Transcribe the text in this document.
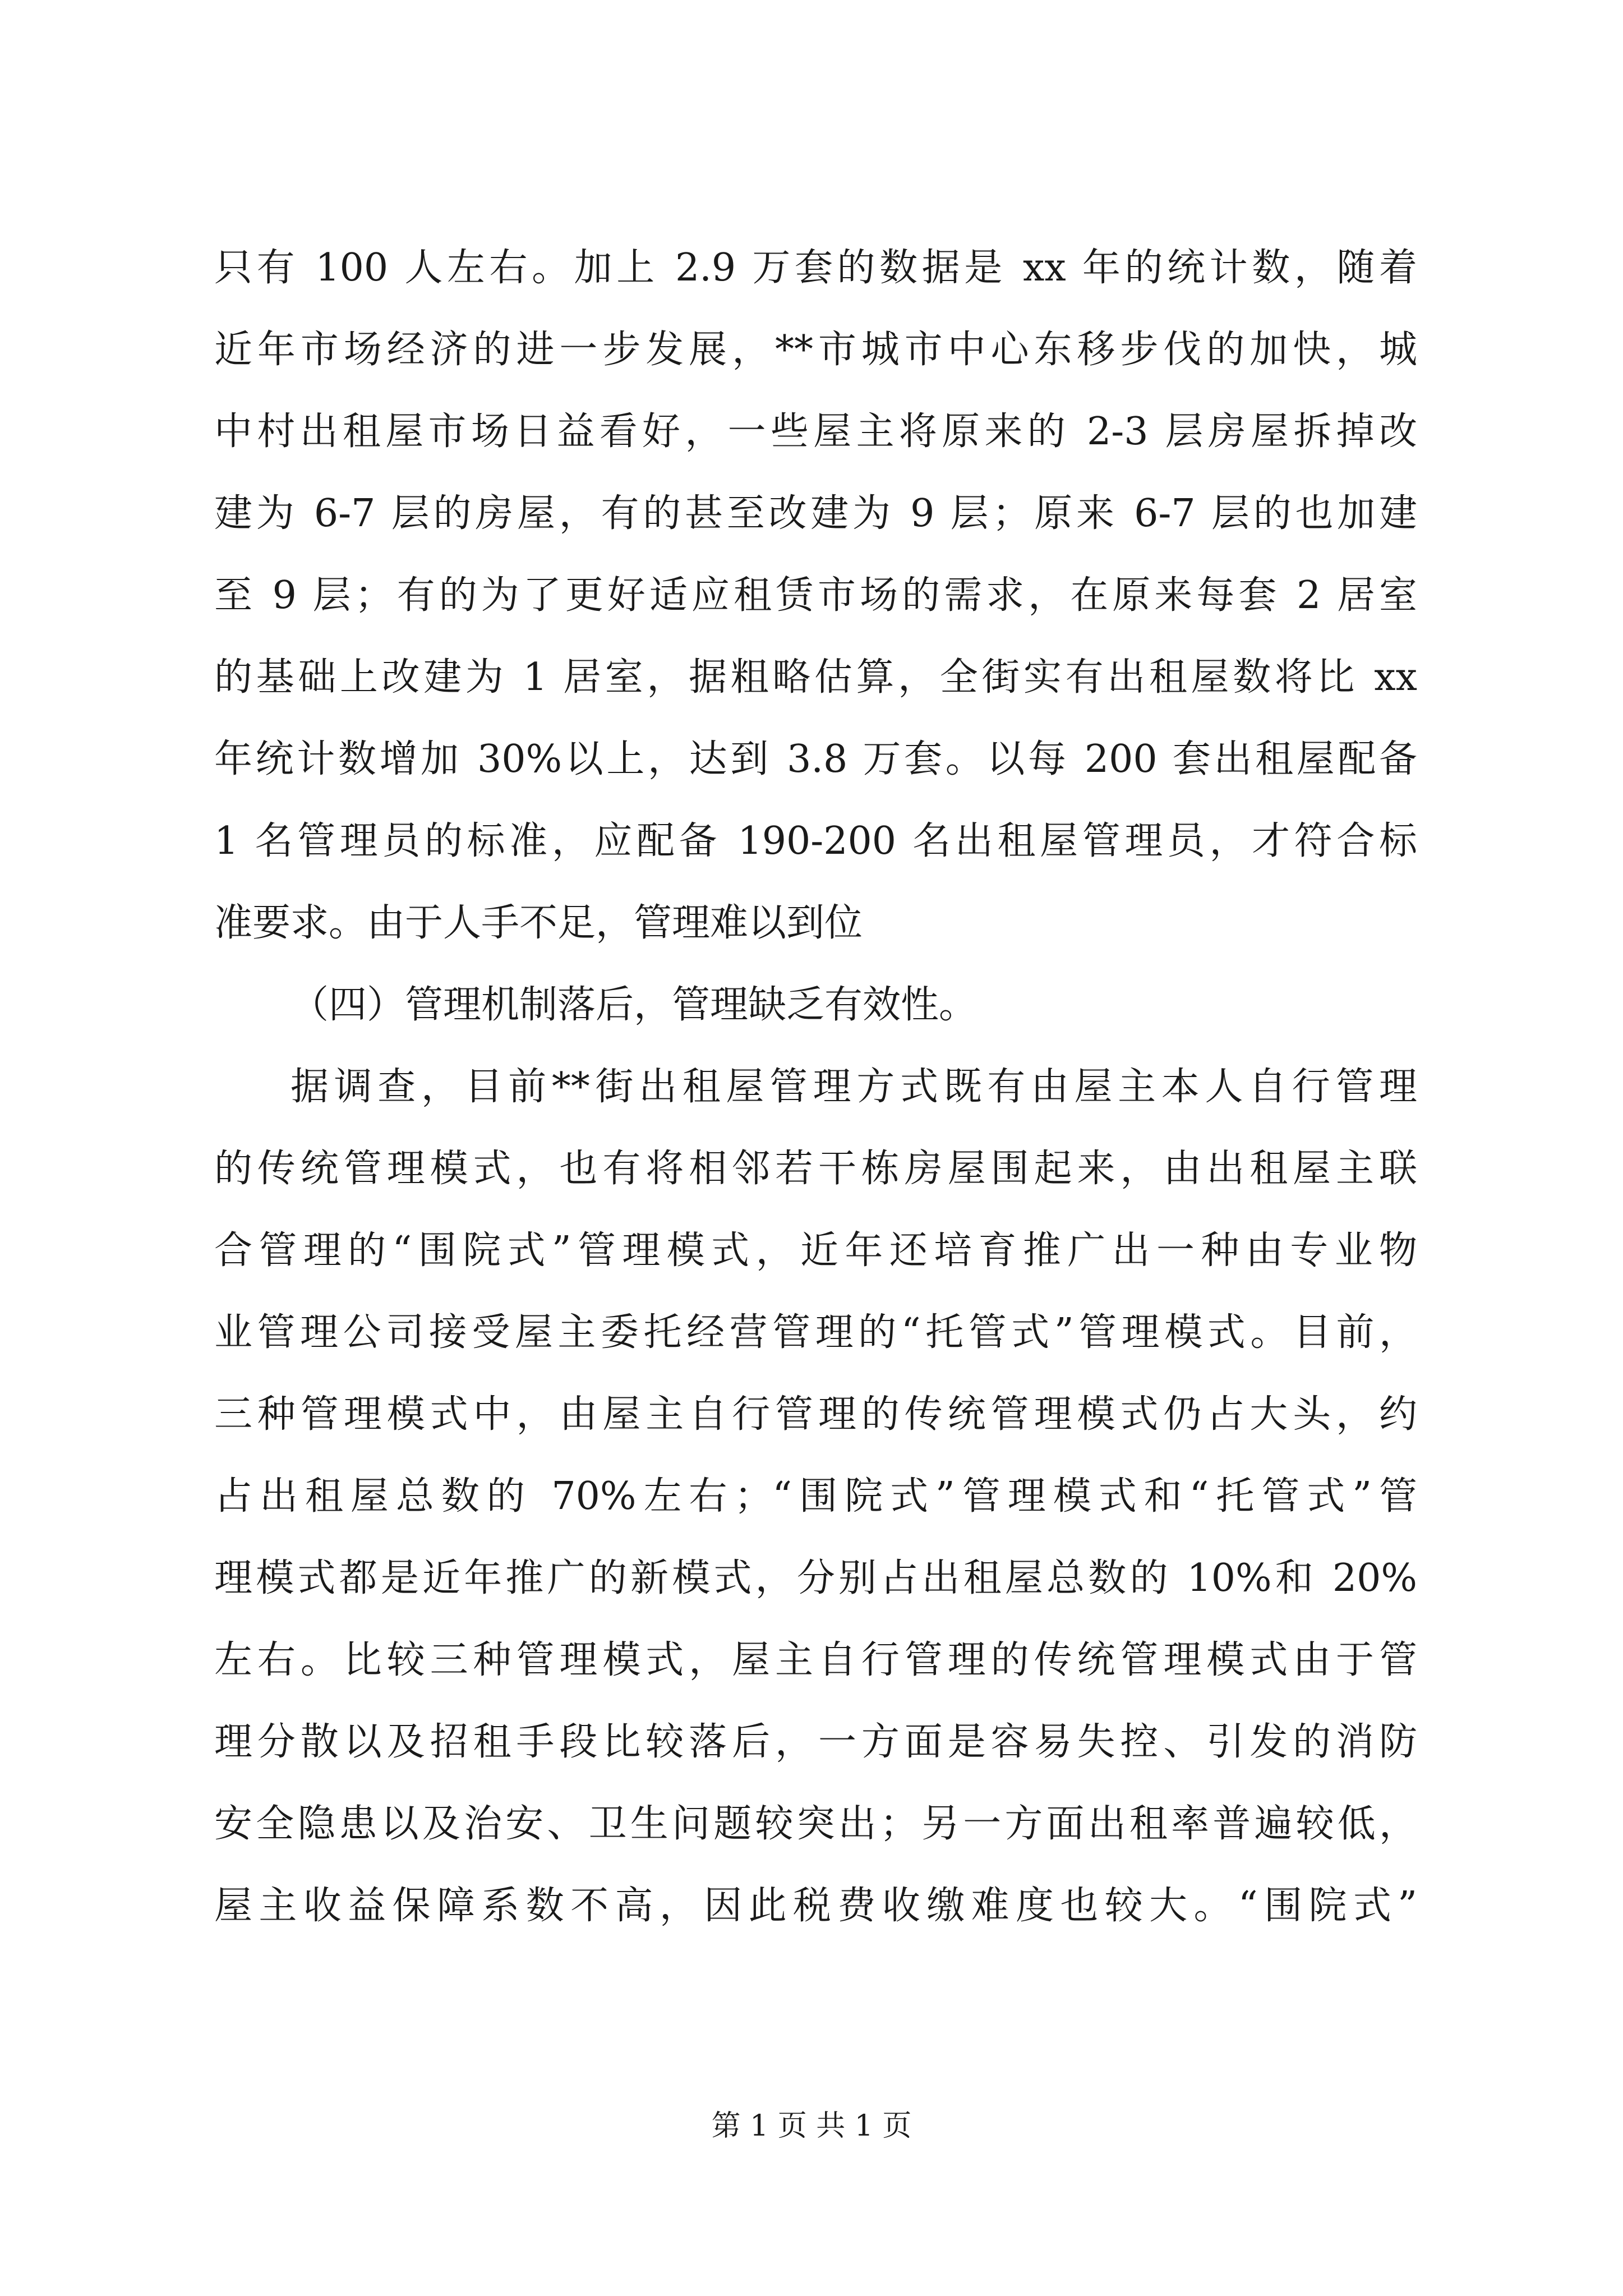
只有 100 人左右。加上 2.9 万套的数据是 xx 年的统计数，随着
近年市场经济的进一步发展，**市城市中心东移步伐的加快，城
中村出租屋市场日益看好，一些屋主将原来的 2-3 层房屋拆掉改
建为 6-7 层的房屋，有的甚至改建为 9 层；原来 6-7 层的也加建
至 9 层；有的为了更好适应租赁市场的需求，在原来每套 2 居室
的基础上改建为 1 居室，据粗略估算，全街实有出租屋数将比 xx
年统计数增加 30%以上，达到 3.8 万套。以每 200 套出租屋配备
1 名管理员的标准，应配备 190-200 名出租屋管理员，才符合标
准要求。由于人手不足，管理难以到位
（四）管理机制落后，管理缺乏有效性。
据调查，目前**街出租屋管理方式既有由屋主本人自行管理
的传统管理模式，也有将相邻若干栋房屋围起来，由出租屋主联
合管理的“围院式”管理模式，近年还培育推广出一种由专业物
业管理公司接受屋主委托经营管理的“托管式”管理模式。目前，
三种管理模式中，由屋主自行管理的传统管理模式仍占大头，约
占出租屋总数的 70%左右；“围院式”管理模式和“托管式”管
理模式都是近年推广的新模式，分别占出租屋总数的 10%和 20%
左右。比较三种管理模式，屋主自行管理的传统管理模式由于管
理分散以及招租手段比较落后，一方面是容易失控、引发的消防
安全隐患以及治安、卫生问题较突出；另一方面出租率普遍较低，
屋主收益保障系数不高，因此税费收缴难度也较大。“围院式”
第 1 页 共 1 页
